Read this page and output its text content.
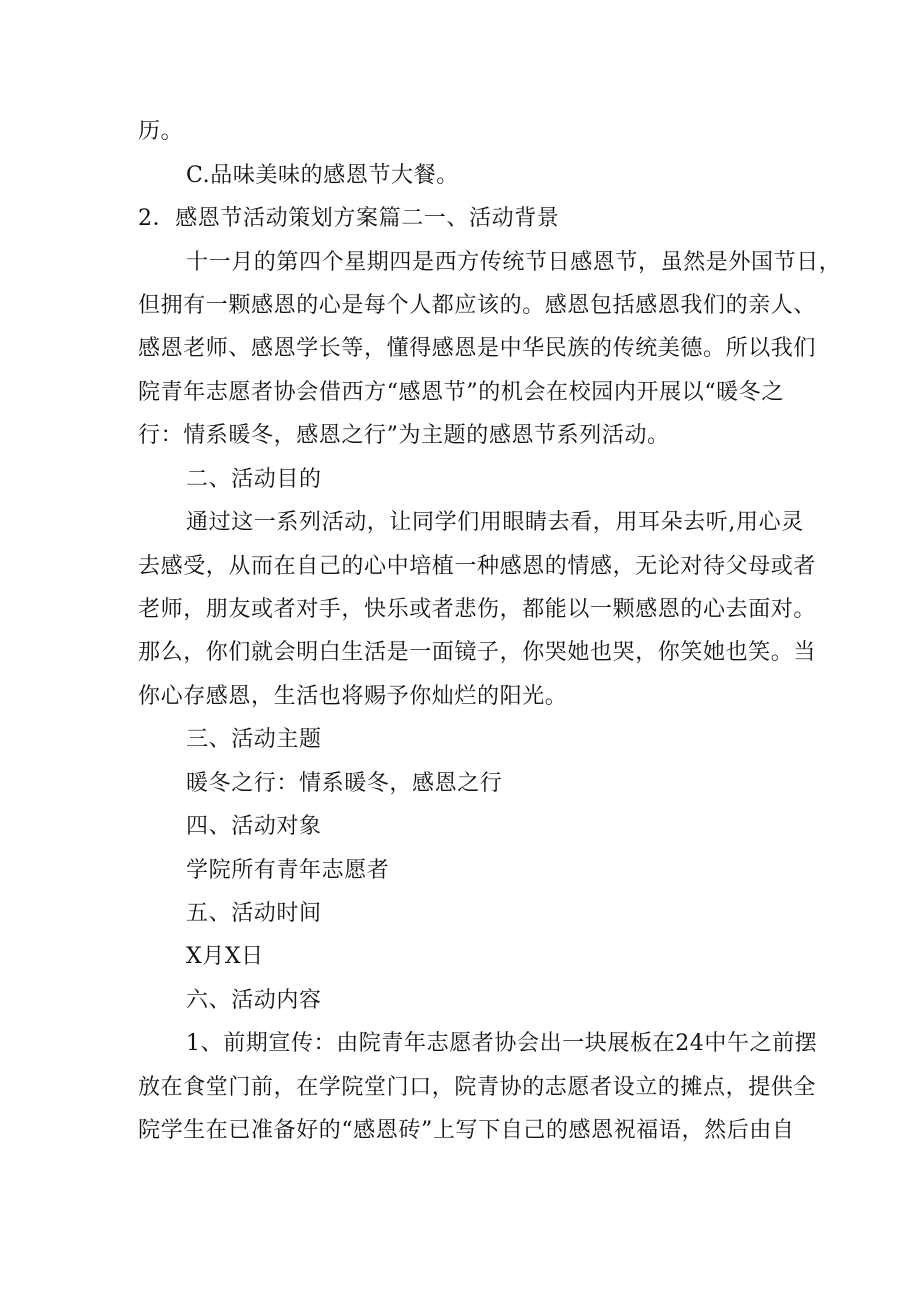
历。
C.品味美味的感恩节大餐。
2．感恩节活动策划方案篇二一、活动背景
十一月的第四个星期四是西方传统节日感恩节，虽然是外国节日，
但拥有一颗感恩的心是每个人都应该的。感恩包括感恩我们的亲人、
感恩老师、感恩学长等，懂得感恩是中华民族的传统美德。所以我们
院青年志愿者协会借西方“感恩节”的机会在校园内开展以“暖冬之
行：情系暖冬，感恩之行”为主题的感恩节系列活动。
二、活动目的
通过这一系列活动，让同学们用眼睛去看，用耳朵去听,用心灵
去感受，从而在自己的心中培植一种感恩的情感，无论对待父母或者
老师，朋友或者对手，快乐或者悲伤，都能以一颗感恩的心去面对。
那么，你们就会明白生活是一面镜子，你哭她也哭，你笑她也笑。当
你心存感恩，生活也将赐予你灿烂的阳光。
三、活动主题
暖冬之行：情系暖冬，感恩之行
四、活动对象
学院所有青年志愿者
五、活动时间
X月X日
六、活动内容
1、前期宣传：由院青年志愿者协会出一块展板在24中午之前摆
放在食堂门前，在学院堂门口，院青协的志愿者设立的摊点，提供全
院学生在已准备好的“感恩砖”上写下自己的感恩祝福语，然后由自
